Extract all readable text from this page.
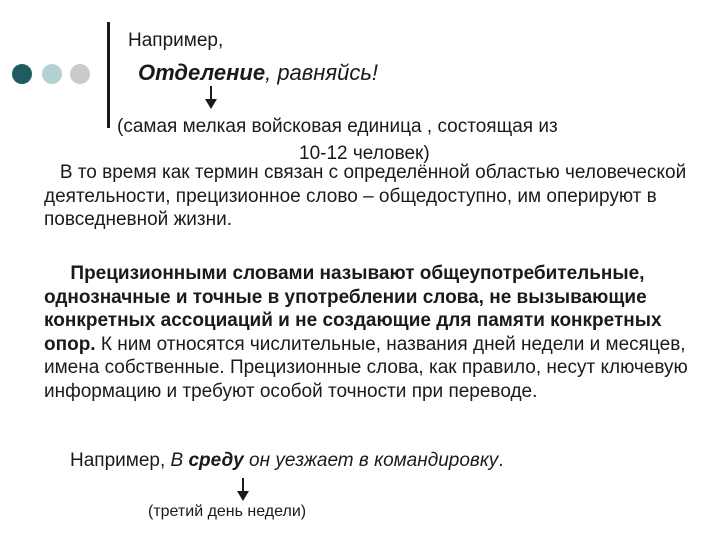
Например,
Отделение, равняйсь!
(самая мелкая войсковая единица , состоящая из
10-12 человек)
В то время как термин связан с определённой областью человеческой деятельности, прецизионное слово – общедоступно, им оперируют в повседневной жизни.
Прецизионными словами называют общеупотребительные, однозначные и точные в употреблении слова, не вызывающие конкретных ассоциаций и не создающие для памяти конкретных опор. К ним относятся числительные, названия дней недели и месяцев, имена собственные. Прецизионные слова, как правило, несут ключевую информацию и требуют особой точности при переводе.
Например, В среду он уезжает в командировку.
(третий день недели)
